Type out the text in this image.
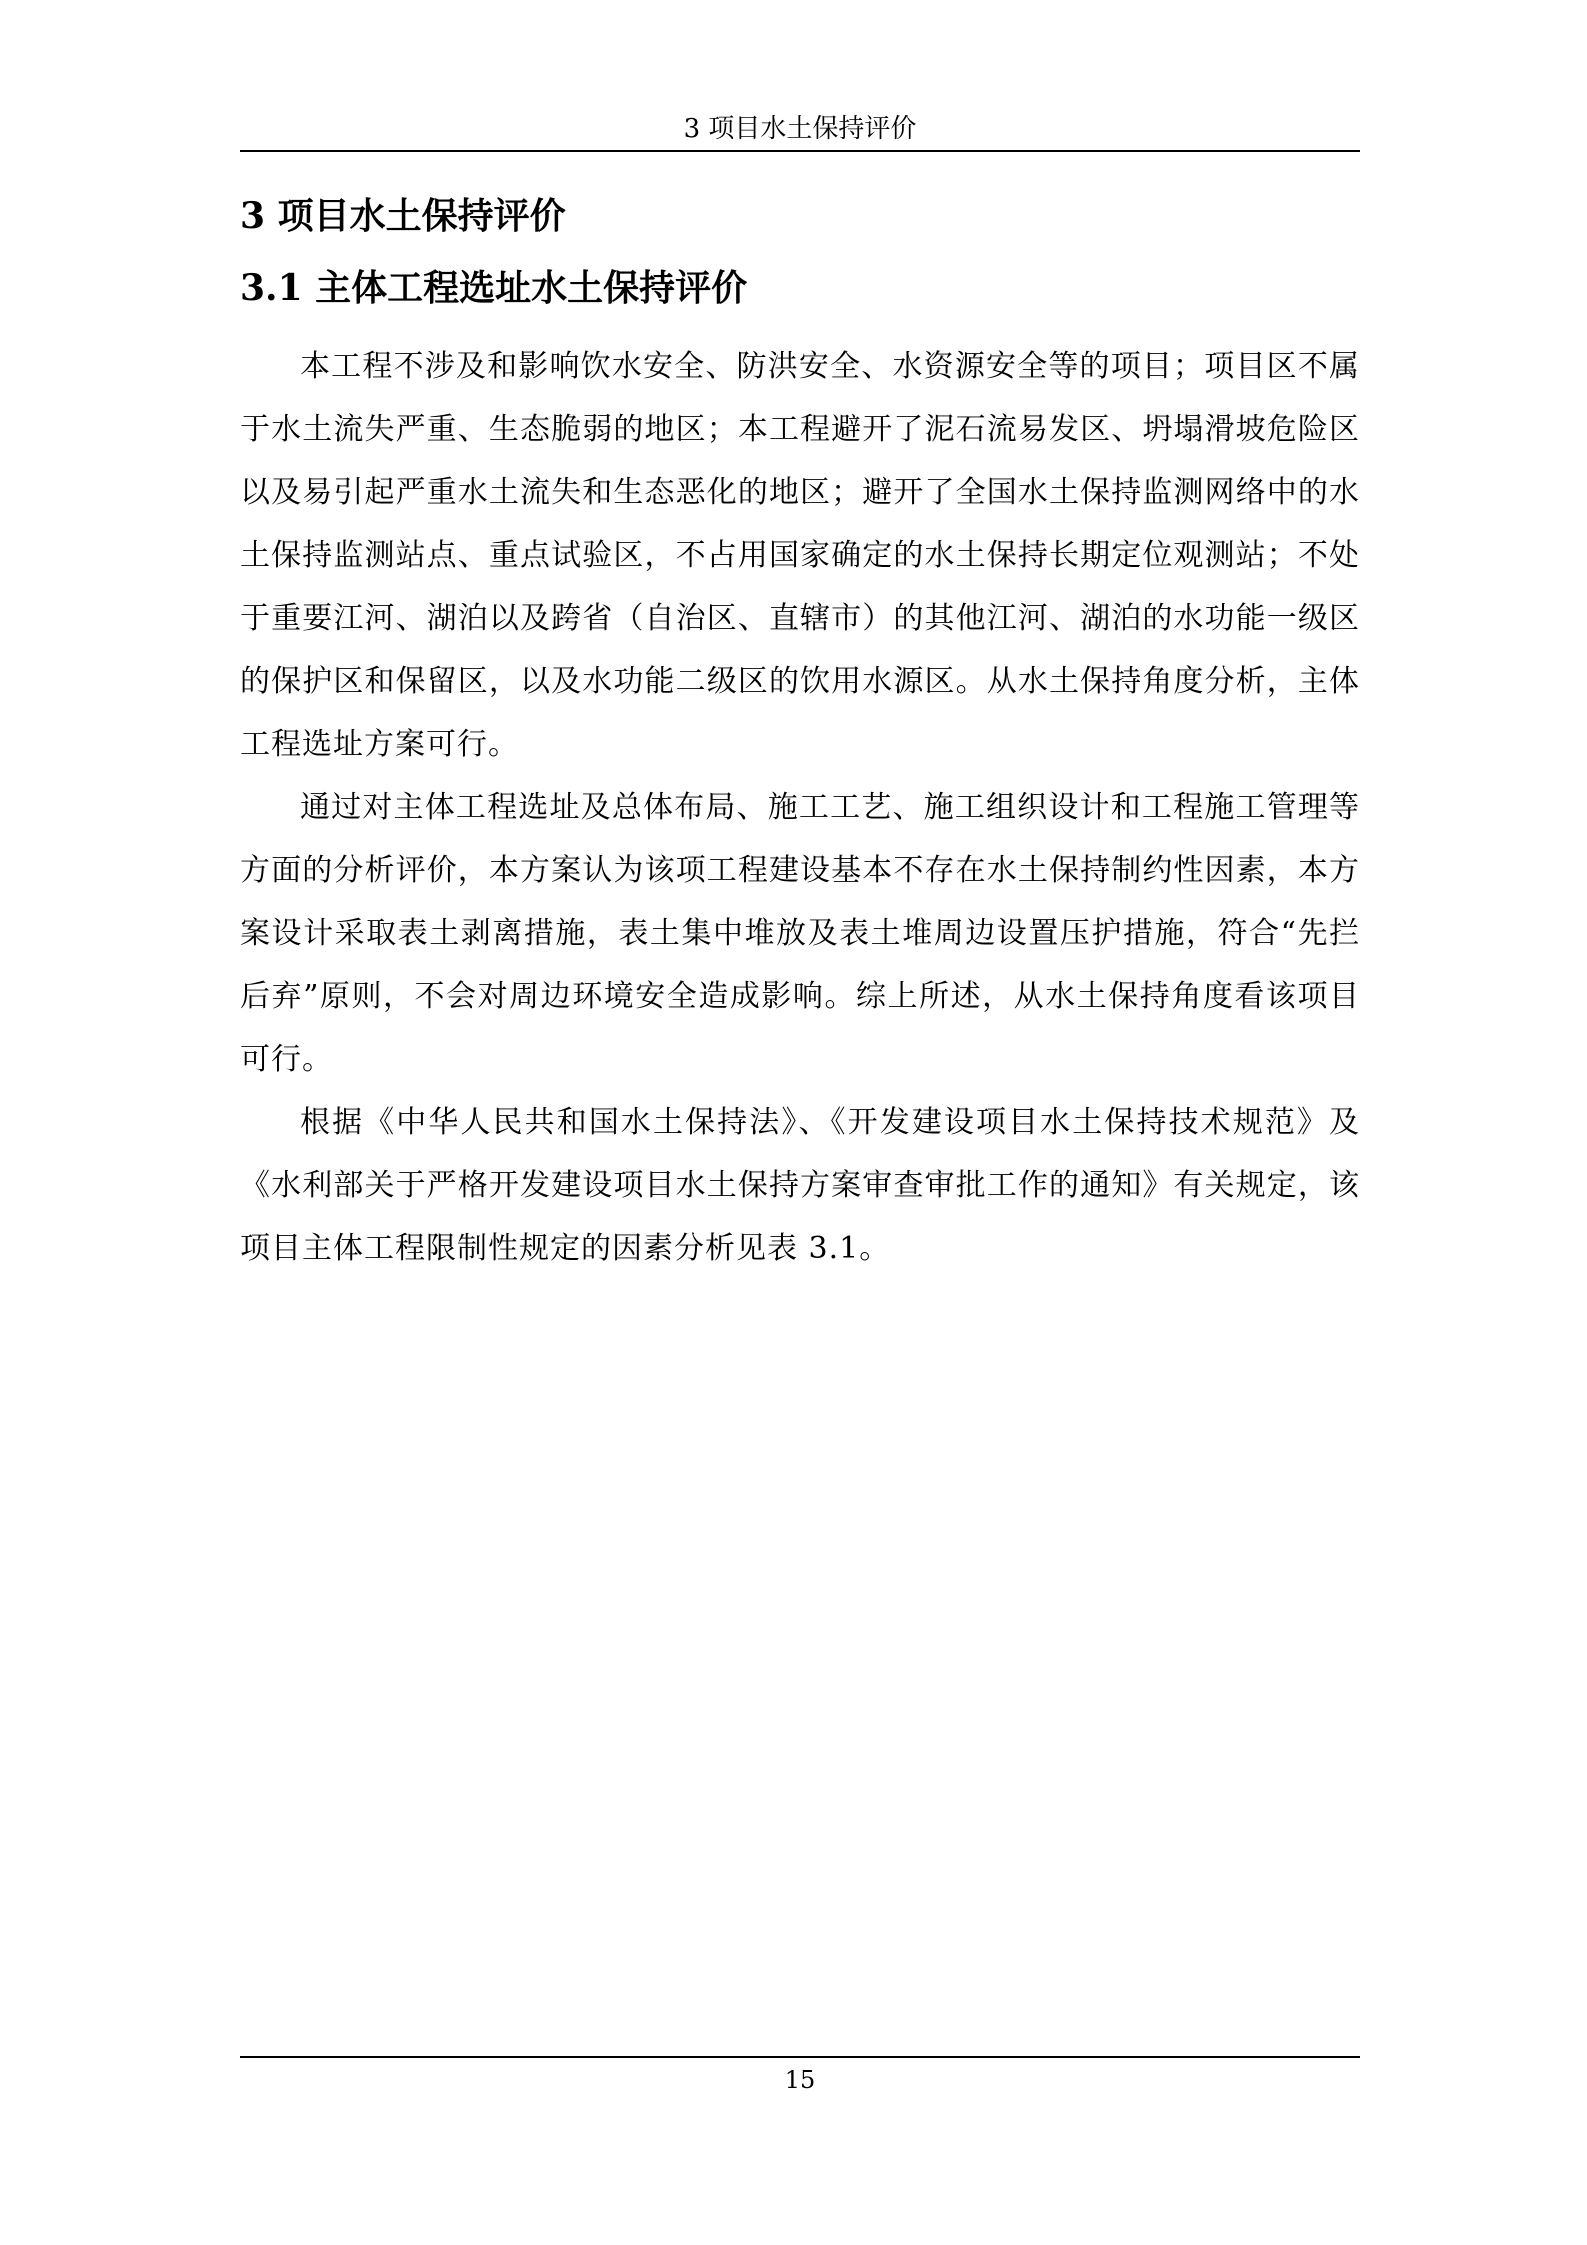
3 项目水土保持评价
3 项目水土保持评价
3.1 主体工程选址水土保持评价

本工程不涉及和影响饮水安全、防洪安全、水资源安全等的项目；项目区不属于水土流失严重、生态脆弱的地区；本工程避开了泥石流易发区、坍塌滑坡危险区以及易引起严重水土流失和生态恶化的地区；避开了全国水土保持监测网络中的水土保持监测站点、重点试验区，不占用国家确定的水土保持长期定位观测站；不处于重要江河、湖泊以及跨省（自治区、直辖市）的其他江河、湖泊的水功能一级区的保护区和保留区，以及水功能二级区的饮用水源区。从水土保持角度分析，主体工程选址方案可行。

通过对主体工程选址及总体布局、施工工艺、施工组织设计和工程施工管理等方面的分析评价，本方案认为该项工程建设基本不存在水土保持制约性因素，本方案设计采取表土剥离措施，表土集中堆放及表土堆周边设置压护措施，符合“先拦后弃”原则，不会对周边环境安全造成影响。综上所述，从水土保持角度看该项目可行。

根据《中华人民共和国水土保持法》、《开发建设项目水土保持技术规范》及《水利部关于严格开发建设项目水土保持方案审查审批工作的通知》有关规定，该项目主体工程限制性规定的因素分析见表 3.1。

15
